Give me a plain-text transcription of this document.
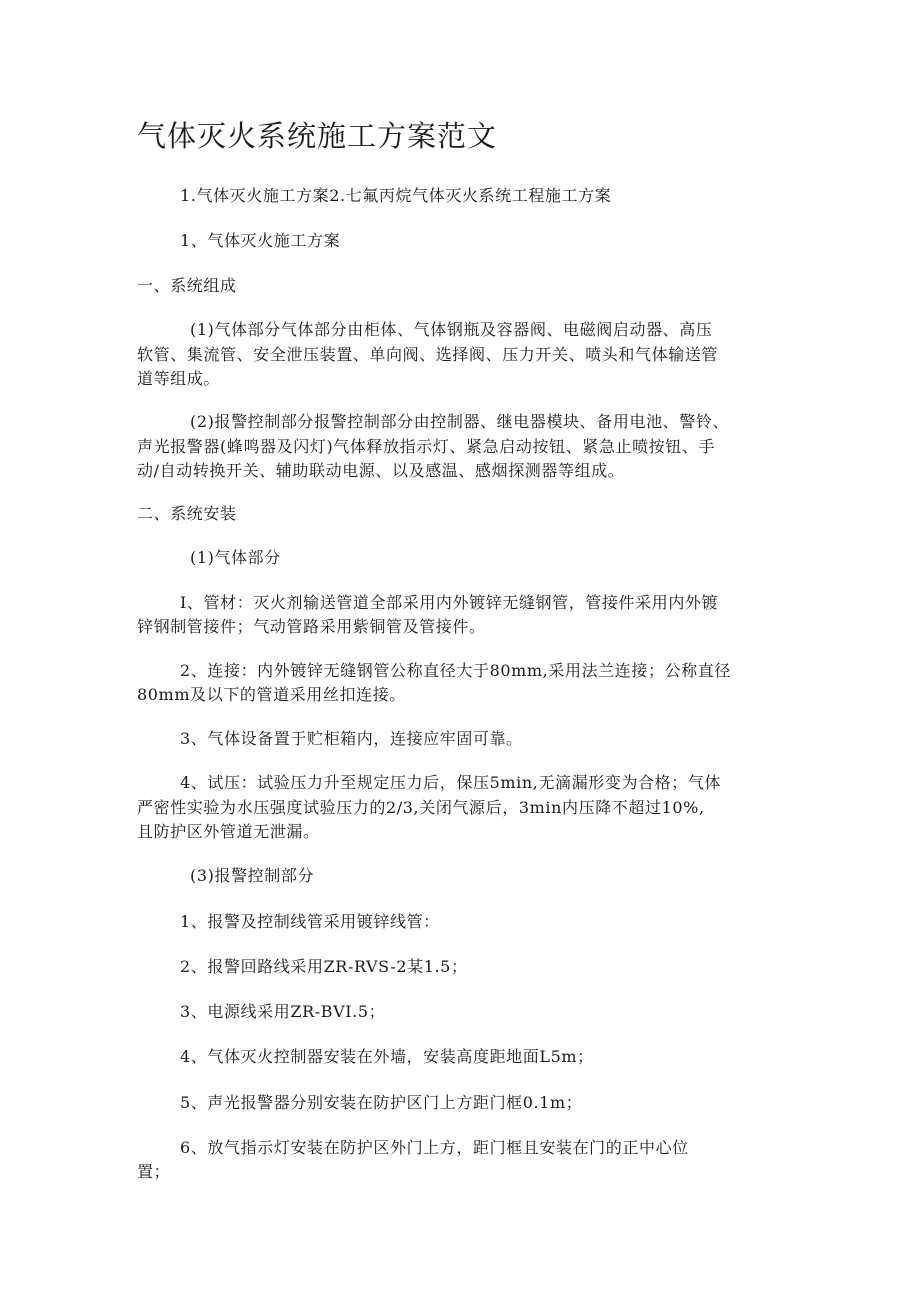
气体灭火系统施工方案范文

1.气体灭火施工方案2.七氟丙烷气体灭火系统工程施工方案

1、气体灭火施工方案

一、系统组成

(1)气体部分气体部分由柜体、气体钢瓶及容器阀、电磁阀启动器、高压

软管、集流管、安全泄压装置、单向阀、选择阀、压力开关、喷头和气体输送管

道等组成。

(2)报警控制部分报警控制部分由控制器、继电器模块、备用电池、警铃、

声光报警器(蜂鸣器及闪灯)气体释放指示灯、紧急启动按钮、紧急止喷按钮、手

动/自动转换开关、辅助联动电源、以及感温、感烟探测器等组成。

二、系统安装

(1)气体部分

I、管材：灭火剂输送管道全部采用内外镀锌无缝钢管，管接件采用内外镀

锌钢制管接件；气动管路采用紫铜管及管接件。

2、连接：内外镀锌无缝钢管公称直径大于80mm,采用法兰连接；公称直径

80mm及以下的管道采用丝扣连接。

3、气体设备置于贮柜箱内，连接应牢固可靠。

4、试压：试验压力升至规定压力后，保压5min,无滴漏形变为合格；气体

严密性实验为水压强度试验压力的2/3,关闭气源后，3min内压降不超过10%,

且防护区外管道无泄漏。

(3)报警控制部分

1、报警及控制线管采用镀锌线管：

2、报警回路线采用ZR-RVS-2某1.5；

3、电源线采用ZR-BVI.5；

4、气体灭火控制器安装在外墙，安装高度距地面L5m；

5、声光报警器分别安装在防护区门上方距门框0.1m；

6、放气指示灯安装在防护区外门上方，距门框且安装在门的正中心位

置；
